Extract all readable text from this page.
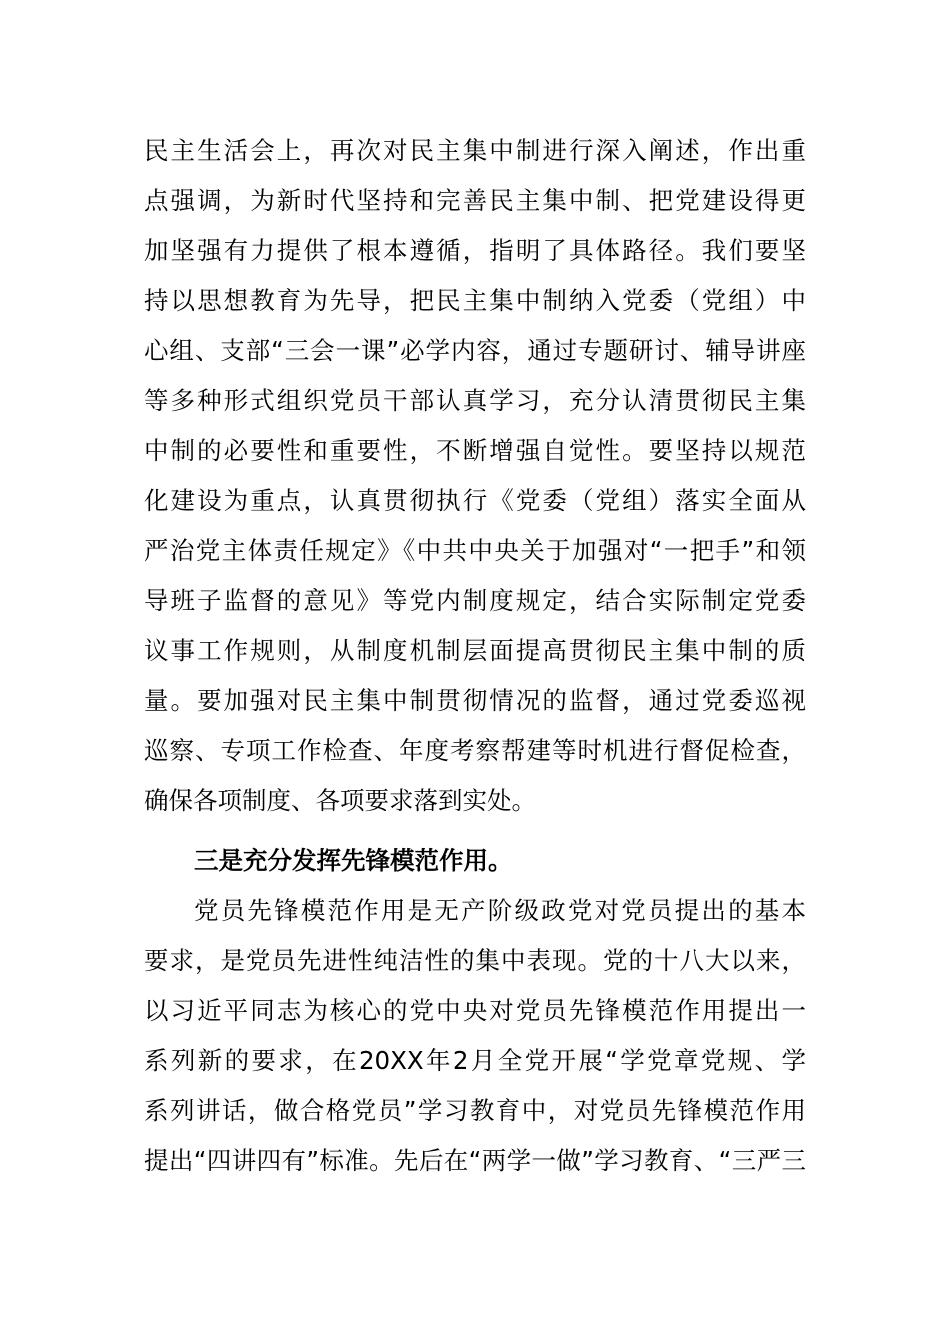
民主生活会上，再次对民主集中制进行深入阐述，作出重
点强调，为新时代坚持和完善民主集中制、把党建设得更
加坚强有力提供了根本遵循，指明了具体路径。我们要坚
持以思想教育为先导，把民主集中制纳入党委（党组）中
心组、支部“三会一课”必学内容，通过专题研讨、辅导讲座
等多种形式组织党员干部认真学习，充分认清贯彻民主集
中制的必要性和重要性，不断增强自觉性。要坚持以规范
化建设为重点，认真贯彻执行《党委（党组）落实全面从
严治党主体责任规定》《中共中央关于加强对“一把手”和领
导班子监督的意见》等党内制度规定，结合实际制定党委
议事工作规则，从制度机制层面提高贯彻民主集中制的质
量。要加强对民主集中制贯彻情况的监督，通过党委巡视
巡察、专项工作检查、年度考察帮建等时机进行督促检查，
确保各项制度、各项要求落到实处。
三是充分发挥先锋模范作用。
党员先锋模范作用是无产阶级政党对党员提出的基本
要求，是党员先进性纯洁性的集中表现。党的十八大以来，
以习近平同志为核心的党中央对党员先锋模范作用提出一
系列新的要求，在20XX年2月全党开展“学党章党规、学
系列讲话，做合格党员”学习教育中，对党员先锋模范作用
提出“四讲四有”标准。先后在“两学一做”学习教育、“三严三
